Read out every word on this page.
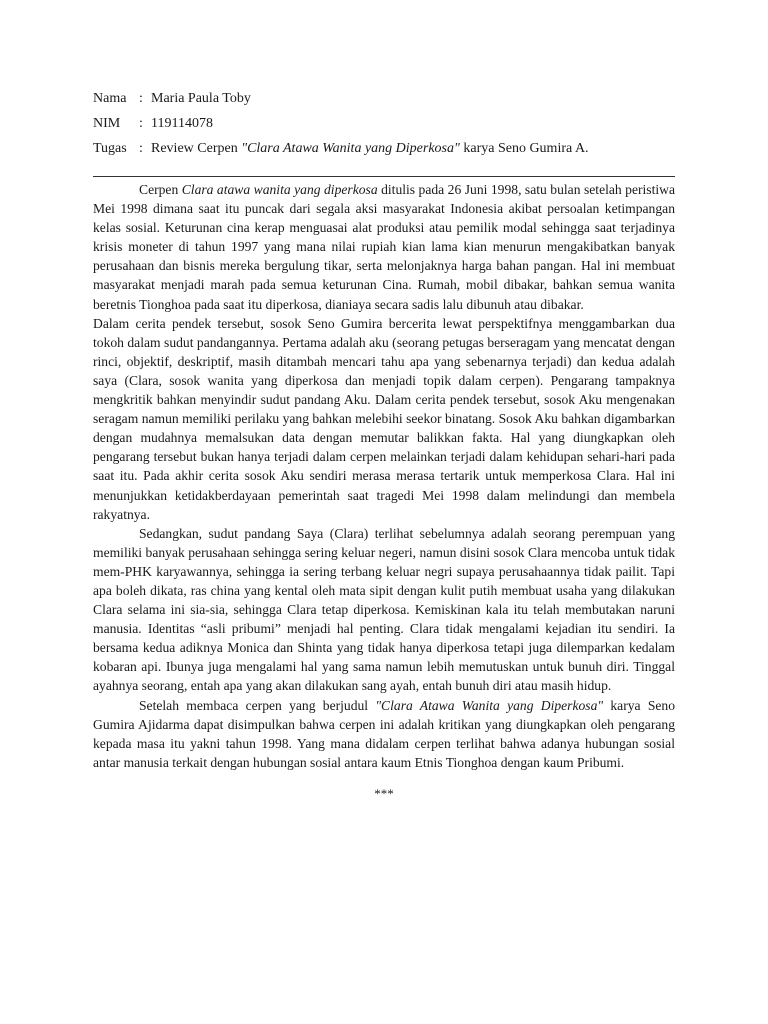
Nama : Maria Paula Toby
NIM : 119114078
Tugas : Review Cerpen "Clara Atawa Wanita yang Diperkosa" karya Seno Gumira A.

Cerpen Clara atawa wanita yang diperkosa ditulis pada 26 Juni 1998, satu bulan setelah peristiwa Mei 1998 dimana saat itu puncak dari segala aksi masyarakat Indonesia akibat persoalan ketimpangan kelas sosial. Keturunan cina kerap menguasai alat produksi atau pemilik modal sehingga saat terjadinya krisis moneter di tahun 1997 yang mana nilai rupiah kian lama kian menurun mengakibatkan banyak perusahaan dan bisnis mereka bergulung tikar, serta melonjaknya harga bahan pangan. Hal ini membuat masyarakat menjadi marah pada semua keturunan Cina. Rumah, mobil dibakar, bahkan semua wanita beretnis Tionghoa pada saat itu diperkosa, dianiaya secara sadis lalu dibunuh atau dibakar.

Dalam cerita pendek tersebut, sosok Seno Gumira bercerita lewat perspektifnya menggambarkan dua tokoh dalam sudut pandangannya. Pertama adalah aku (seorang petugas berseragam yang mencatat dengan rinci, objektif, deskriptif, masih ditambah mencari tahu apa yang sebenarnya terjadi) dan kedua adalah saya (Clara, sosok wanita yang diperkosa dan menjadi topik dalam cerpen). Pengarang tampaknya mengkritik bahkan menyindir sudut pandang Aku. Dalam cerita pendek tersebut, sosok Aku mengenakan seragam namun memiliki perilaku yang bahkan melebihi seekor binatang. Sosok Aku bahkan digambarkan dengan mudahnya memalsukan data dengan memutar balikkan fakta. Hal yang diungkapkan oleh pengarang tersebut bukan hanya terjadi dalam cerpen melainkan terjadi dalam kehidupan sehari-hari pada saat itu. Pada akhir cerita sosok Aku sendiri merasa merasa tertarik untuk memperkosa Clara. Hal ini menunjukkan ketidakberdayaan pemerintah saat tragedi Mei 1998 dalam melindungi dan membela rakyatnya.

Sedangkan, sudut pandang Saya (Clara) terlihat sebelumnya adalah seorang perempuan yang memiliki banyak perusahaan sehingga sering keluar negeri, namun disini sosok Clara mencoba untuk tidak mem-PHK karyawannya, sehingga ia sering terbang keluar negri supaya perusahaannya tidak pailit. Tapi apa boleh dikata, ras china yang kental oleh mata sipit dengan kulit putih membuat usaha yang dilakukan Clara selama ini sia-sia, sehingga Clara tetap diperkosa. Kemiskinan kala itu telah membutakan naruni manusia. Identitas “asli pribumi” menjadi hal penting. Clara tidak mengalami kejadian itu sendiri. Ia bersama kedua adiknya Monica dan Shinta yang tidak hanya diperkosa tetapi juga dilemparkan kedalam kobaran api. Ibunya juga mengalami hal yang sama namun lebih memutuskan untuk bunuh diri. Tinggal ayahnya seorang, entah apa yang akan dilakukan sang ayah, entah bunuh diri atau masih hidup.

Setelah membaca cerpen yang berjudul "Clara Atawa Wanita yang Diperkosa" karya Seno Gumira Ajidarma dapat disimpulkan bahwa cerpen ini adalah kritikan yang diungkapkan oleh pengarang kepada masa itu yakni tahun 1998. Yang mana didalam cerpen terlihat bahwa adanya hubungan sosial antar manusia terkait dengan hubungan sosial antara kaum Etnis Tionghoa dengan kaum Pribumi.

***
